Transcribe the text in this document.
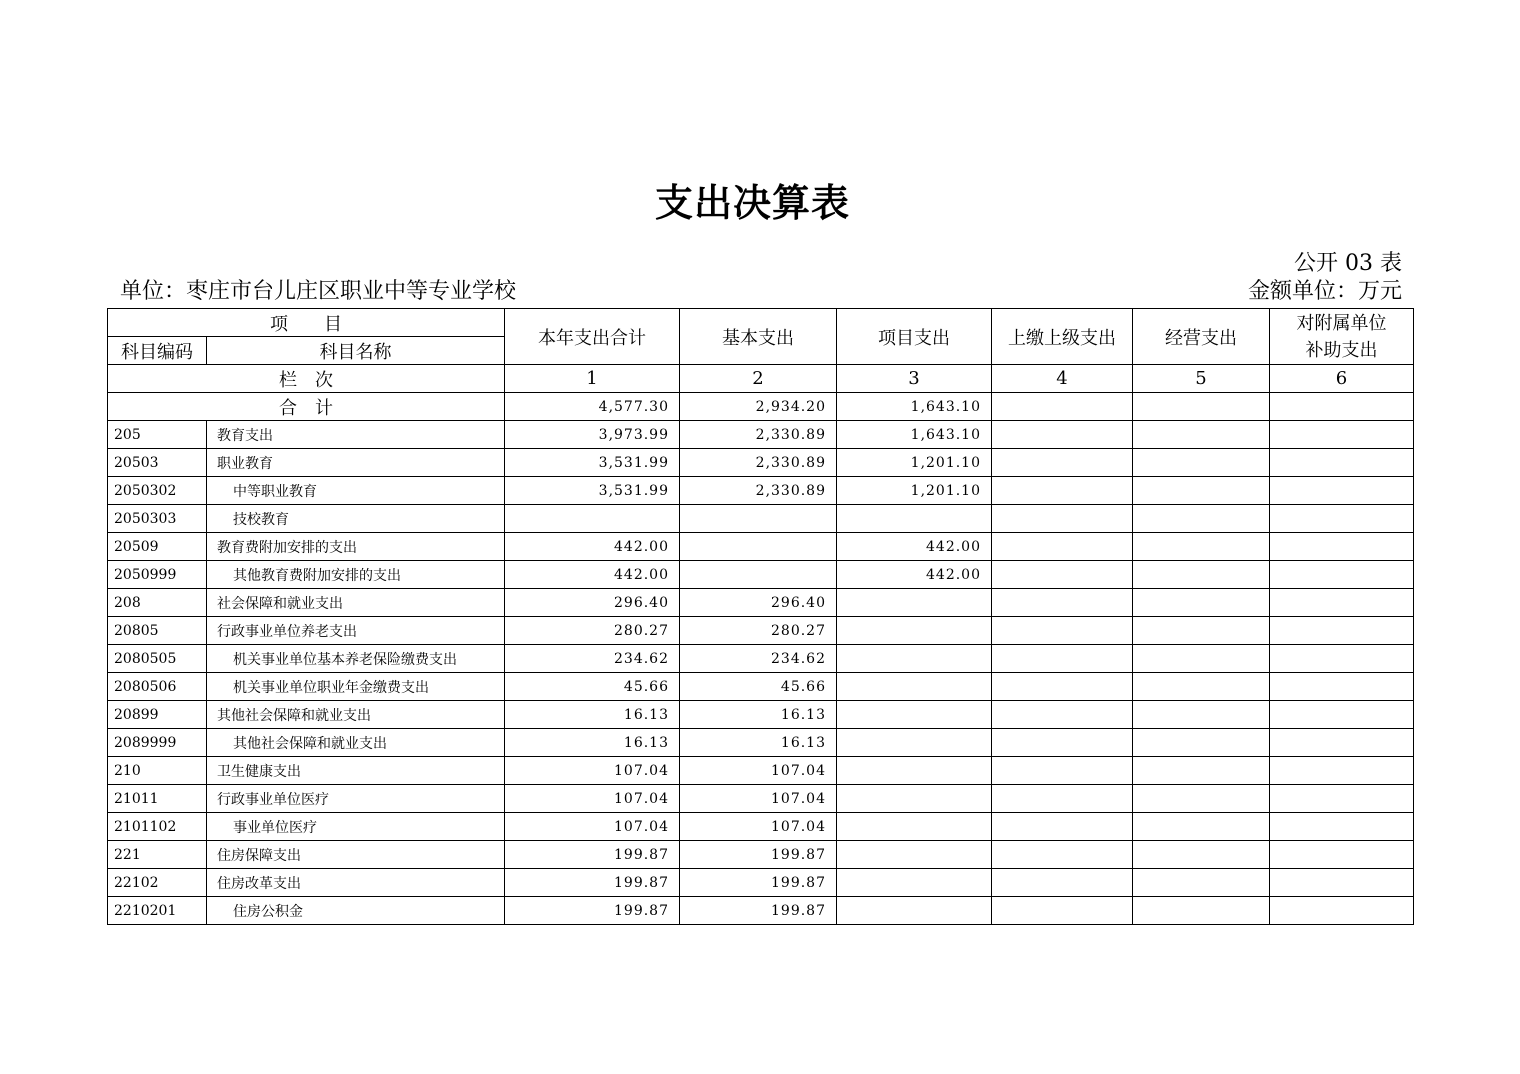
支出决算表
公开 03 表
单位：枣庄市台儿庄区职业中等专业学校	金额单位：万元
项　　目		本年支出合计	基本支出	项目支出	上缴上级支出	经营支出	对附属单位
补助支出

科目编码	科目名称						
栏　次		1	2	3	4	5	6
合　计		4,577.30	2,934.20	1,643.10			
205	教育支出	3,973.99	2,330.89	1,643.10			
20503	职业教育	3,531.99	2,330.89	1,201.10			
2050302	中等职业教育	3,531.99	2,330.89	1,201.10			
2050303	技校教育						
20509	教育费附加安排的支出	442.00		442.00			
2050999	其他教育费附加安排的支出	442.00		442.00			
208	社会保障和就业支出	296.40	296.40				
20805	行政事业单位养老支出	280.27	280.27				
2080505	机关事业单位基本养老保险缴费支出	234.62	234.62				
2080506	机关事业单位职业年金缴费支出	45.66	45.66				
20899	其他社会保障和就业支出	16.13	16.13				
2089999	其他社会保障和就业支出	16.13	16.13				
210	卫生健康支出	107.04	107.04				
21011	行政事业单位医疗	107.04	107.04				
2101102	事业单位医疗	107.04	107.04				
221	住房保障支出	199.87	199.87				
22102	住房改革支出	199.87	199.87				
2210201	住房公积金	199.87	199.87				
